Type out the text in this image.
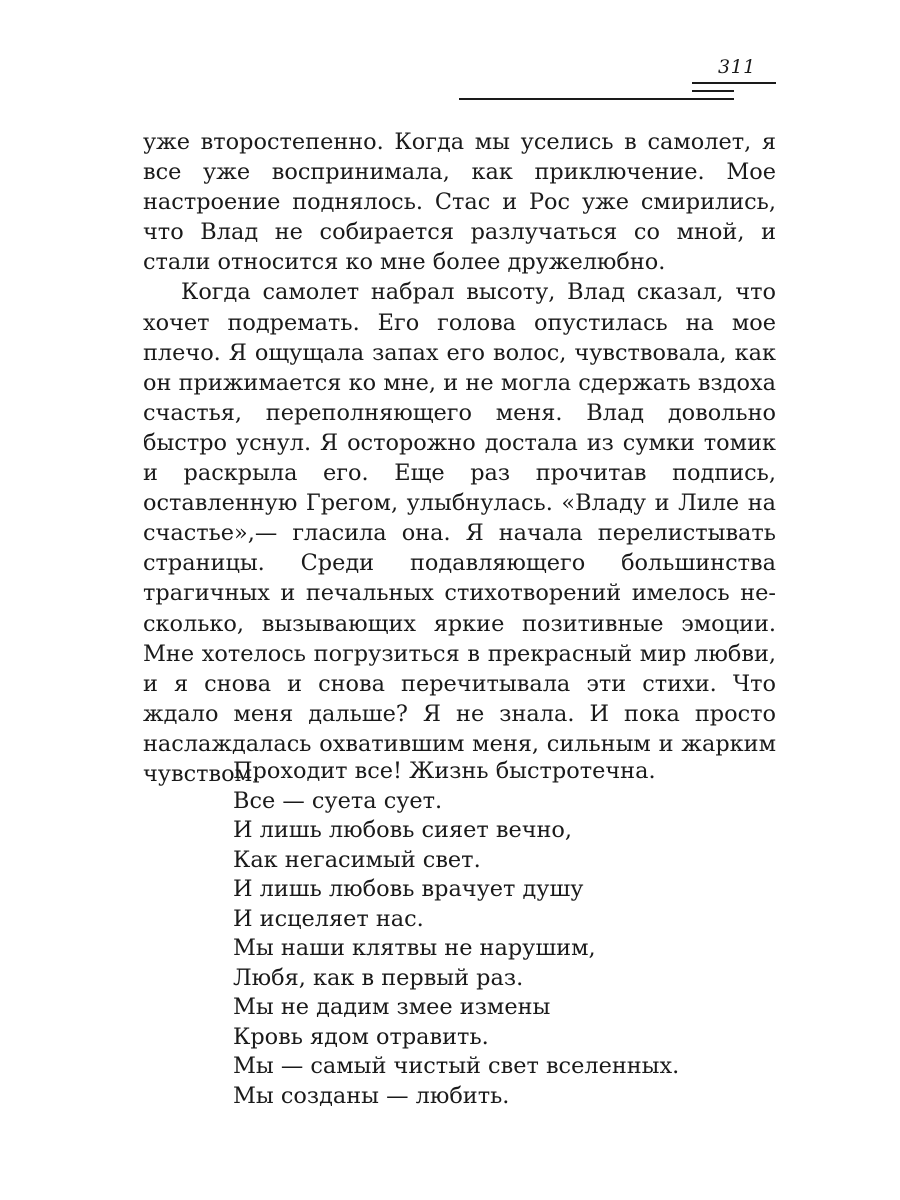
311

уже второстепенно. Когда мы уселись в самолет, я все уже воспринимала, как приключение. Мое настроение поднялось. Стас и Рос уже смирились, что Влад не собирается разлучаться со мной, и стали относится ко мне более дружелюбно.

Когда самолет набрал высоту, Влад сказал, что хочет подремать. Его голова опустилась на мое плечо. Я ощущала запах его волос, чувствовала, как он прижимается ко мне, и не могла сдержать вздоха счастья, переполняющего меня. Влад довольно быстро уснул. Я осторожно достала из сумки томик и раскрыла его. Еще раз прочитав подпись, оставленную Грегом, улыбнулась. «Владу и Лиле на счастье»,— гласила она. Я начала перелистывать страницы. Среди подавляющего большинства трагичных и печальных стихотворений имелось несколько, вызывающих яркие позитивные эмоции. Мне хотелось погрузиться в прекрасный мир любви, и я снова и снова перечитывала эти стихи. Что ждало меня дальше? Я не знала. И пока просто наслаждалась охватившим меня, сильным и жарким чувством.

Проходит все! Жизнь быстротечна.
Все — суета сует.
И лишь любовь сияет вечно,
Как негасимый свет.
И лишь любовь врачует душу
И исцеляет нас.
Мы наши клятвы не нарушим,
Любя, как в первый раз.
Мы не дадим змее измены
Кровь ядом отравить.
Мы — самый чистый свет вселенных.
Мы созданы — любить.
